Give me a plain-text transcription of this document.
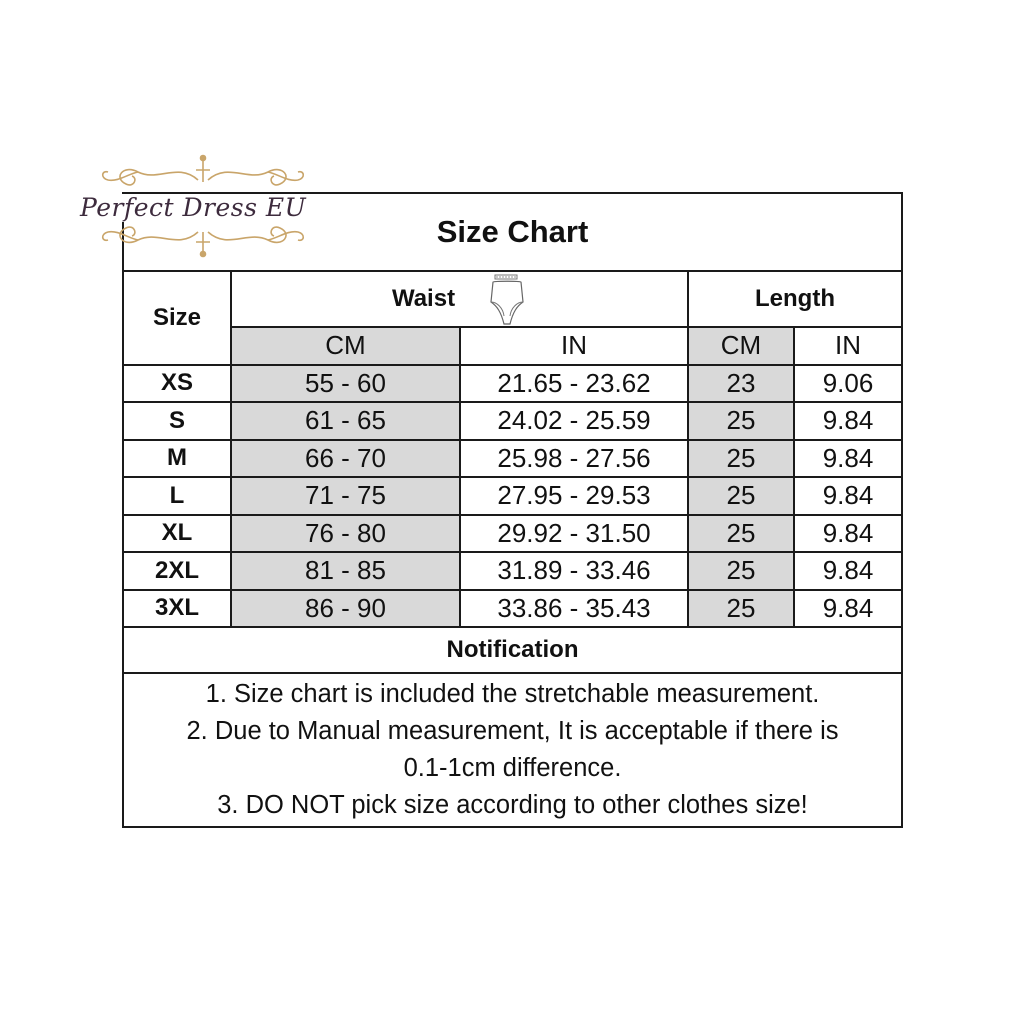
Size Chart				
Size	Waist		Length	
	CM	IN	CM	IN
XS	55 - 60	21.65 - 23.62	23	9.06
S	61 - 65	24.02 - 25.59	25	9.84
M	66 - 70	25.98 - 27.56	25	9.84
L	71 - 75	27.95 - 29.53	25	9.84
XL	76 - 80	29.92 - 31.50	25	9.84
2XL	81 - 85	31.89 - 33.46	25	9.84
3XL	86 - 90	33.86 - 35.43	25	9.84
Notification				

1. Size chart is included the stretchable measurement.
2. Due to Manual measurement, It is acceptable if there is
0.1-1cm difference.
3. DO NOT pick size according to other clothes size!				
Perfect Dress EU
